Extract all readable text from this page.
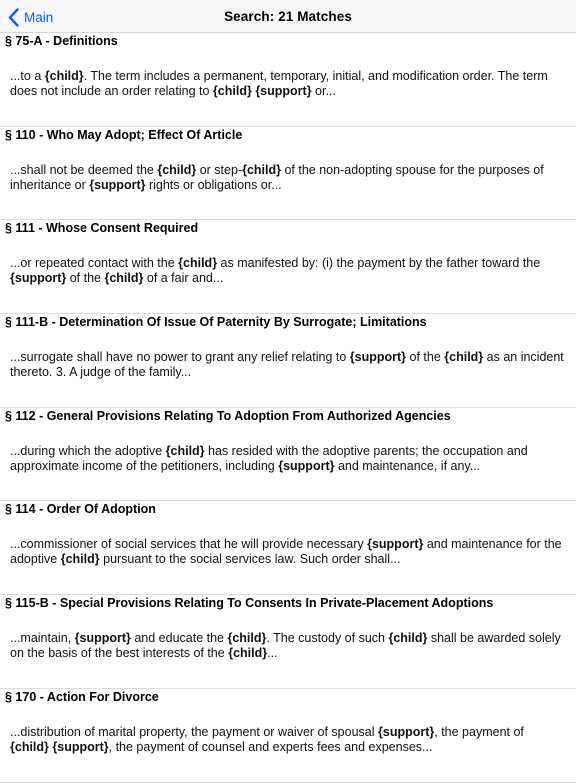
Main	Search: 21 Matches
§ 75-A - Definitions
...to a {child}. The term includes a permanent, temporary, initial, and modification order. The term does not include an order relating to {child} {support} or...
§ 110 - Who May Adopt; Effect Of Article
...shall not be deemed the {child} or step-{child} of the non-adopting spouse for the purposes of inheritance or {support} rights or obligations or...
§ 111 - Whose Consent Required
...or repeated contact with the {child} as manifested by: (i) the payment by the father toward the {support} of the {child} of a fair and...
§ 111-B - Determination Of Issue Of Paternity By Surrogate; Limitations
...surrogate shall have no power to grant any relief relating to {support} of the {child} as an incident thereto. 3. A judge of the family...
§ 112 - General Provisions Relating To Adoption From Authorized Agencies
...during which the adoptive {child} has resided with the adoptive parents; the occupation and approximate income of the petitioners, including {support} and maintenance, if any...
§ 114 - Order Of Adoption
...commissioner of social services that he will provide necessary {support} and maintenance for the adoptive {child} pursuant to the social services law. Such order shall...
§ 115-B - Special Provisions Relating To Consents In Private-Placement Adoptions
...maintain, {support} and educate the {child}. The custody of such {child} shall be awarded solely on the basis of the best interests of the {child}...
§ 170 - Action For Divorce
...distribution of marital property, the payment or waiver of spousal {support}, the payment of {child} {support}, the payment of counsel and experts fees and expenses...
